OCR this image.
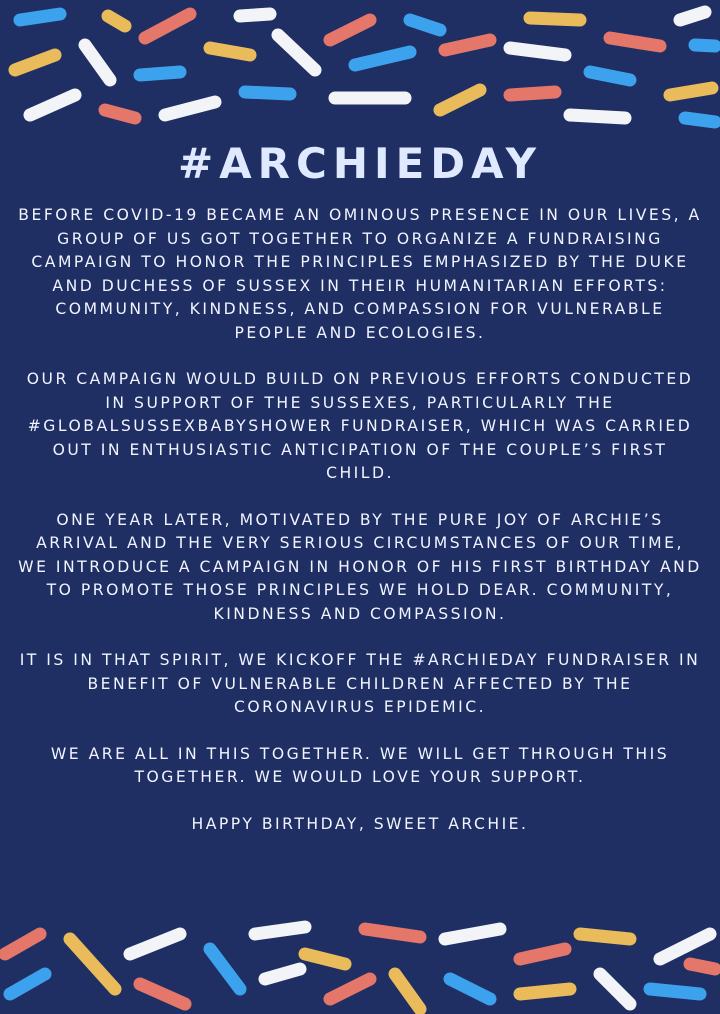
#ARCHIEDAY

BEFORE COVID-19 BECAME AN OMINOUS PRESENCE IN OUR LIVES, A GROUP OF US GOT TOGETHER TO ORGANIZE A FUNDRAISING CAMPAIGN TO HONOR THE PRINCIPLES EMPHASIZED BY THE DUKE AND DUCHESS OF SUSSEX IN THEIR HUMANITARIAN EFFORTS: COMMUNITY, KINDNESS, AND COMPASSION FOR VULNERABLE PEOPLE AND ECOLOGIES.

OUR CAMPAIGN WOULD BUILD ON PREVIOUS EFFORTS CONDUCTED IN SUPPORT OF THE SUSSEXES, PARTICULARLY THE #GLOBALSUSSEXBABYSHOWER FUNDRAISER, WHICH WAS CARRIED OUT IN ENTHUSIASTIC ANTICIPATION OF THE COUPLE’S FIRST CHILD.

ONE YEAR LATER, MOTIVATED BY THE PURE JOY OF ARCHIE’S ARRIVAL AND THE VERY SERIOUS CIRCUMSTANCES OF OUR TIME, WE INTRODUCE A CAMPAIGN IN HONOR OF HIS FIRST BIRTHDAY AND TO PROMOTE THOSE PRINCIPLES WE HOLD DEAR. COMMUNITY, KINDNESS AND COMPASSION.

IT IS IN THAT SPIRIT, WE KICKOFF THE #ARCHIEDAY FUNDRAISER IN BENEFIT OF VULNERABLE CHILDREN AFFECTED BY THE CORONAVIRUS EPIDEMIC.

WE ARE ALL IN THIS TOGETHER. WE WILL GET THROUGH THIS TOGETHER. WE WOULD LOVE YOUR SUPPORT.

HAPPY BIRTHDAY, SWEET ARCHIE.
